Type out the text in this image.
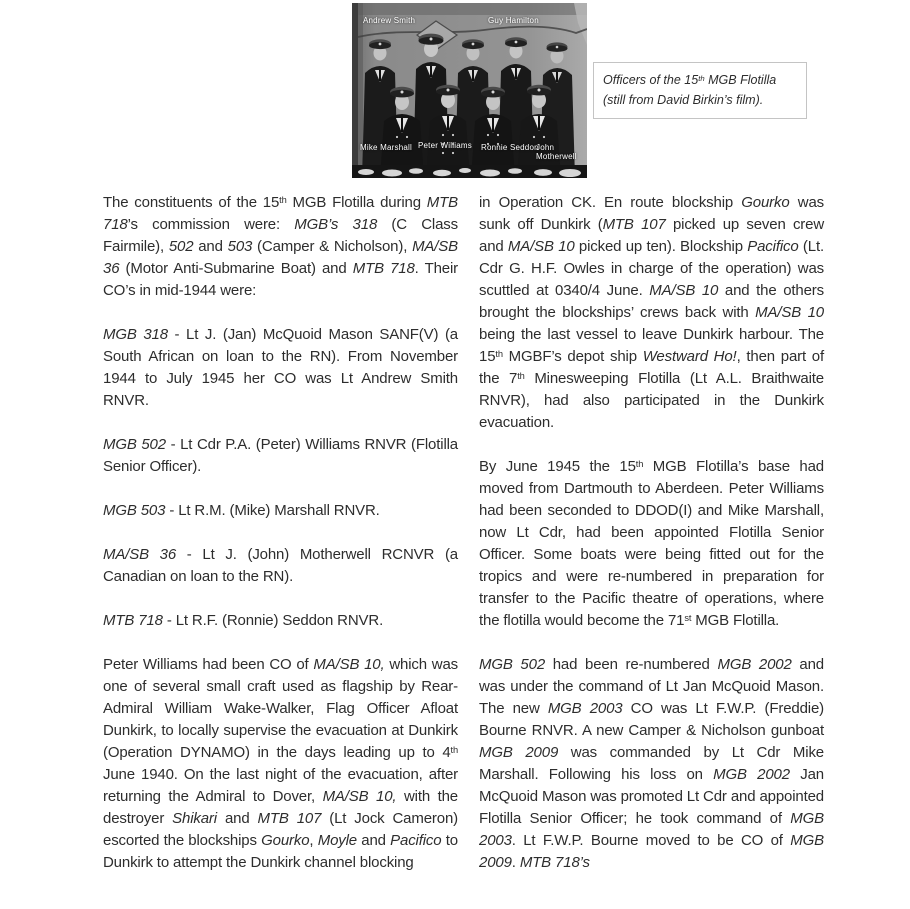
Andrew Smith	Guy Hamilton
Mike Marshall Peter Williams Ronnie Seddon
John Motherwell

Officers of the 15th MGB Flotilla (still from David Birkin’s film).

The constituents of the 15th MGB Flotilla during MTB 718’s commission were: MGB’s 318 (C Class Fairmile), 502 and 503 (Camper & Nicholson), MA/SB 36 (Motor Anti-Submarine Boat) and MTB 718. Their CO’s in mid-1944 were:

MGB 318 - Lt J. (Jan) McQuoid Mason SANF(V) (a South African on loan to the RN). From November 1944 to July 1945 her CO was Lt Andrew Smith RNVR.

MGB 502 - Lt Cdr P.A. (Peter) Williams RNVR (Flotilla Senior Officer).

MGB 503 - Lt R.M. (Mike) Marshall RNVR.

MA/SB 36 - Lt J. (John) Motherwell RCNVR (a Canadian on loan to the RN).

MTB 718 - Lt R.F. (Ronnie) Seddon RNVR.

Peter Williams had been CO of MA/SB 10, which was one of several small craft used as flagship by Rear-Admiral William Wake-Walker, Flag Officer Afloat Dunkirk, to locally supervise the evacuation at Dunkirk (Operation DYNAMO) in the days leading up to 4th June 1940. On the last night of the evacuation, after returning the Admiral to Dover, MA/SB 10, with the destroyer Shikari and MTB 107 (Lt Jock Cameron) escorted the blockships Gourko, Moyle and Pacifico to Dunkirk to attempt the Dunkirk channel blocking

in Operation CK. En route blockship Gourko was sunk off Dunkirk (MTB 107 picked up seven crew and MA/SB 10 picked up ten). Blockship Pacifico (Lt. Cdr G. H.F. Owles in charge of the operation) was scuttled at 0340/4 June. MA/SB 10 and the others brought the blockships’ crews back with MA/SB 10 being the last vessel to leave Dunkirk harbour. The 15th MGBF’s depot ship Westward Ho!, then part of the 7th Minesweeping Flotilla (Lt A.L. Braithwaite RNVR), had also participated in the Dunkirk evacuation.

By June 1945 the 15th MGB Flotilla’s base had moved from Dartmouth to Aberdeen. Peter Williams had been seconded to DDOD(I) and Mike Marshall, now Lt Cdr, had been appointed Flotilla Senior Officer. Some boats were being fitted out for the tropics and were re-numbered in preparation for transfer to the Pacific theatre of operations, where the flotilla would become the 71st MGB Flotilla.

MGB 502 had been re-numbered MGB 2002 and was under the command of Lt Jan McQuoid Mason. The new MGB 2003 CO was Lt F.W.P. (Freddie) Bourne RNVR. A new Camper & Nicholson gunboat MGB 2009 was commanded by Lt Cdr Mike Marshall. Following his loss on MGB 2002 Jan McQuoid Mason was promoted Lt Cdr and appointed Flotilla Senior Officer; he took command of MGB 2003. Lt F.W.P. Bourne moved to be CO of MGB 2009. MTB 718’s
